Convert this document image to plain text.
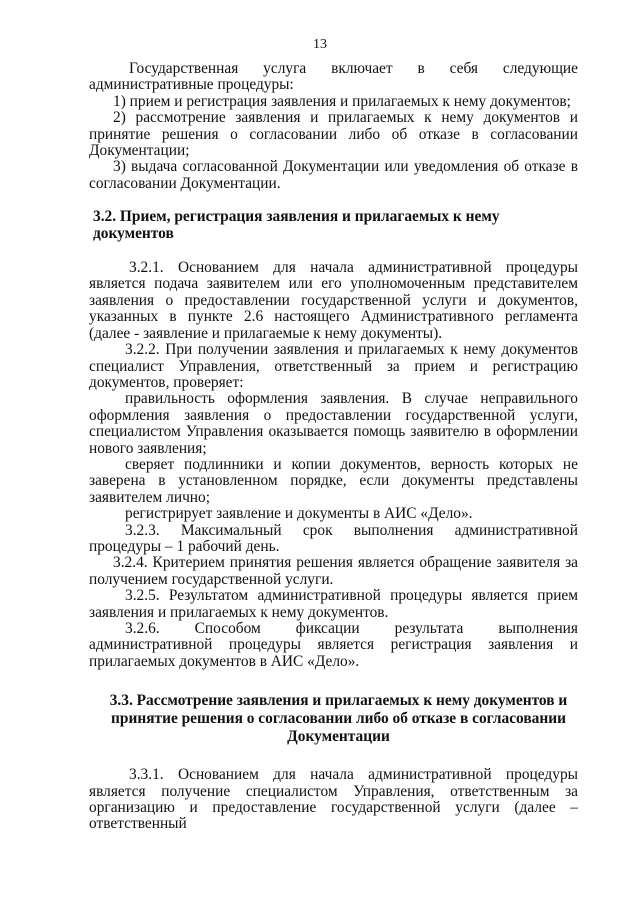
13

Государственная услуга включает в себя следующие административные процедуры:

1) прием и регистрация заявления и прилагаемых к нему документов;

2) рассмотрение заявления и прилагаемых к нему документов и принятие решения о согласовании либо об отказе в согласовании Документации;

3) выдача согласованной Документации или уведомления об отказе в согласовании Документации.

3.2. Прием, регистрация заявления и прилагаемых к нему документов

3.2.1. Основанием для начала административной процедуры является подача заявителем или его уполномоченным представителем заявления о предоставлении государственной услуги и документов, указанных в пункте 2.6 настоящего Административного регламента (далее - заявление и прилагаемые к нему документы).

3.2.2. При получении заявления и прилагаемых к нему документов специалист Управления, ответственный за прием и регистрацию документов, проверяет:

правильность оформления заявления. В случае неправильного оформления заявления о предоставлении государственной услуги, специалистом Управления оказывается помощь заявителю в оформлении нового заявления;

сверяет подлинники и копии документов, верность которых не заверена в установленном порядке, если документы представлены заявителем лично;

регистрирует заявление и документы в АИС «Дело».

3.2.3. Максимальный срок выполнения административной процедуры – 1 рабочий день.

3.2.4. Критерием принятия решения является обращение заявителя за получением государственной услуги.

3.2.5. Результатом административной процедуры является прием заявления и прилагаемых к нему документов.

3.2.6. Способом фиксации результата выполнения административной процедуры является регистрация заявления и прилагаемых документов в АИС «Дело».

3.3. Рассмотрение заявления и прилагаемых к нему документов и принятие решения о согласовании либо об отказе в согласовании Документации

3.3.1. Основанием для начала административной процедуры является получение специалистом Управления, ответственным за организацию и предоставление государственной услуги (далее – ответственный
